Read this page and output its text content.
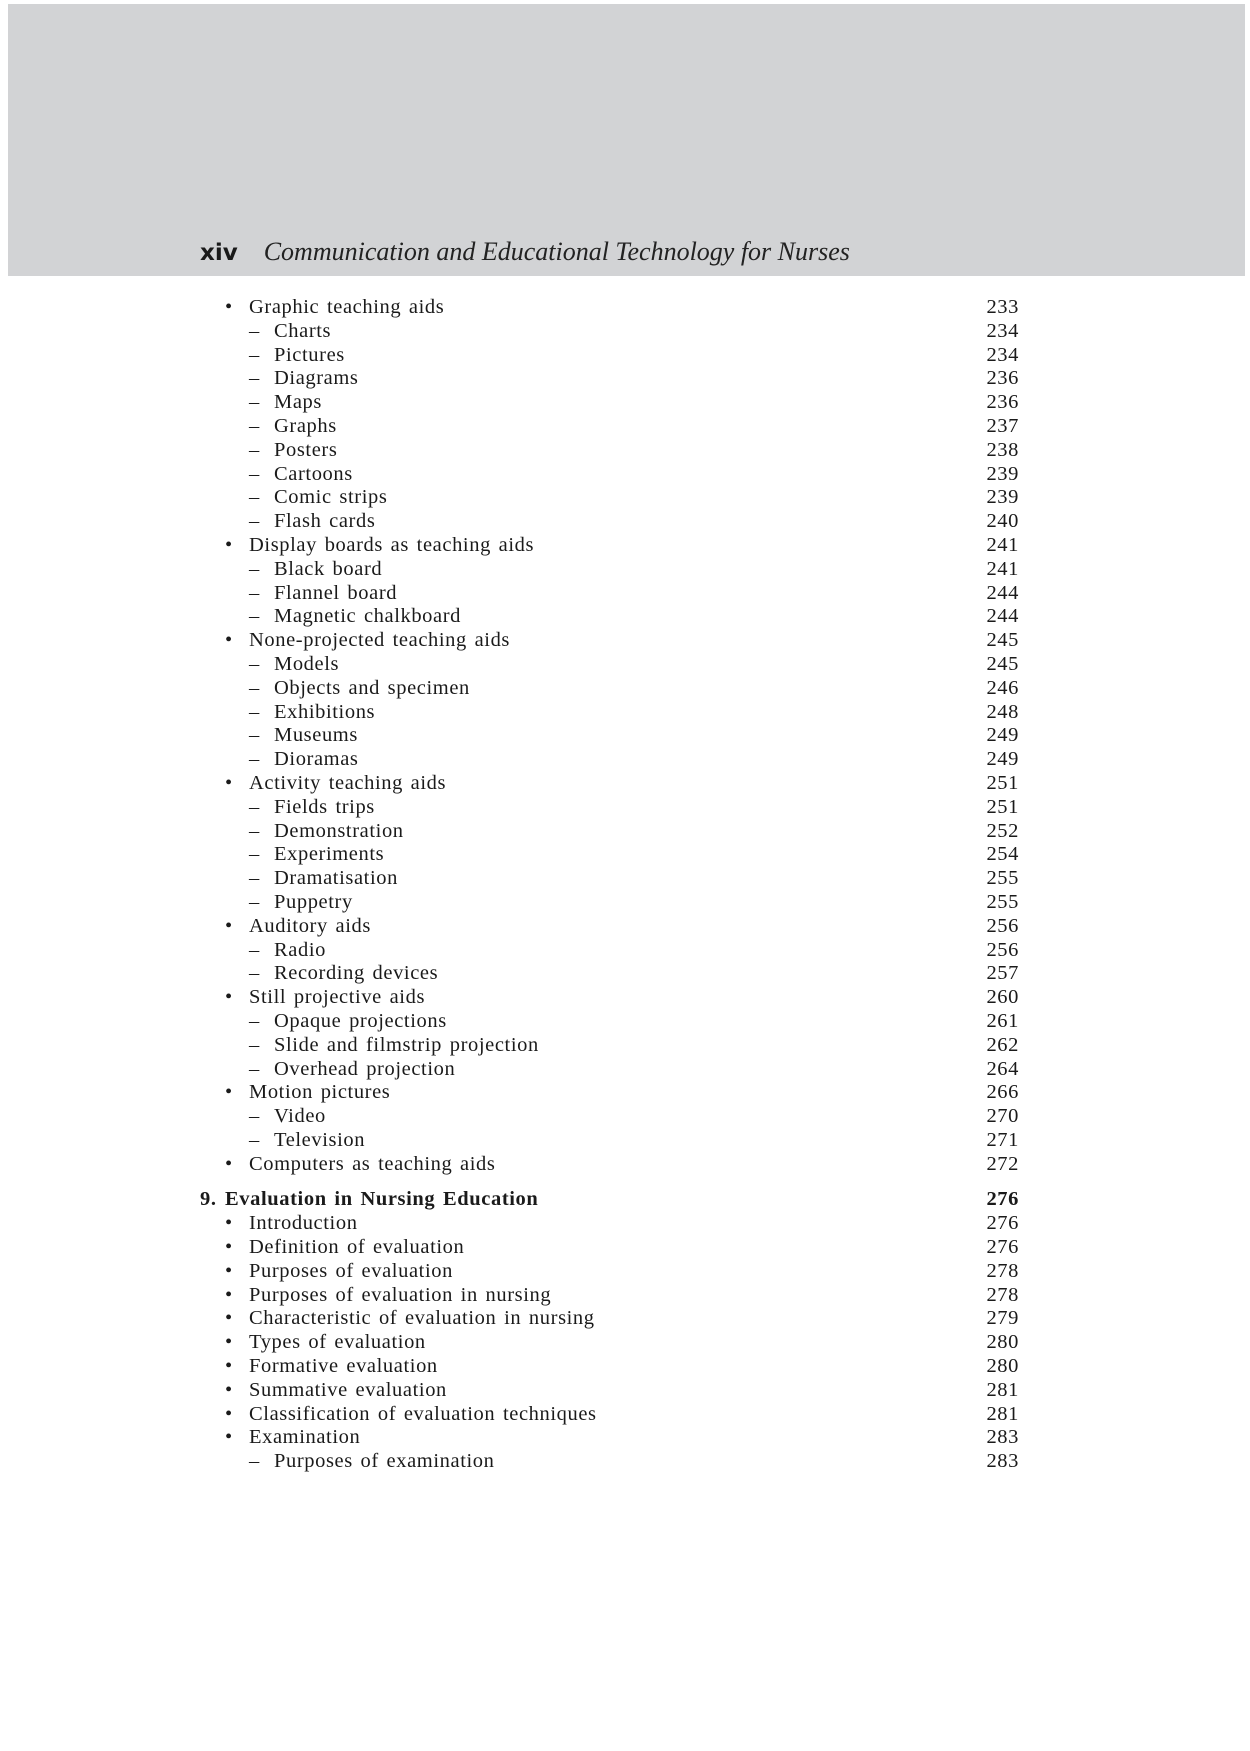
xiv Communication and Educational Technology for Nurses
• Graphic teaching aids	233
– Charts	234
– Pictures	234
– Diagrams	236
– Maps	236
– Graphs	237
– Posters	238
– Cartoons	239
– Comic strips	239
– Flash cards	240
• Display boards as teaching aids	241
– Black board	241
– Flannel board	244
– Magnetic chalkboard	244
• None-projected teaching aids	245
– Models	245
– Objects and specimen	246
– Exhibitions	248
– Museums	249
– Dioramas	249
• Activity teaching aids	251
– Fields trips	251
– Demonstration	252
– Experiments	254
– Dramatisation	255
– Puppetry	255
• Auditory aids	256
– Radio	256
– Recording devices	257
• Still projective aids	260
– Opaque projections	261
– Slide and filmstrip projection	262
– Overhead projection	264
• Motion pictures	266
– Video	270
– Television	271
• Computers as teaching aids	272
9. Evaluation in Nursing Education	276
• Introduction	276
• Definition of evaluation	276
• Purposes of evaluation	278
• Purposes of evaluation in nursing	278
• Characteristic of evaluation in nursing	279
• Types of evaluation	280
• Formative evaluation	280
• Summative evaluation	281
• Classification of evaluation techniques	281
• Examination	283
– Purposes of examination	283
